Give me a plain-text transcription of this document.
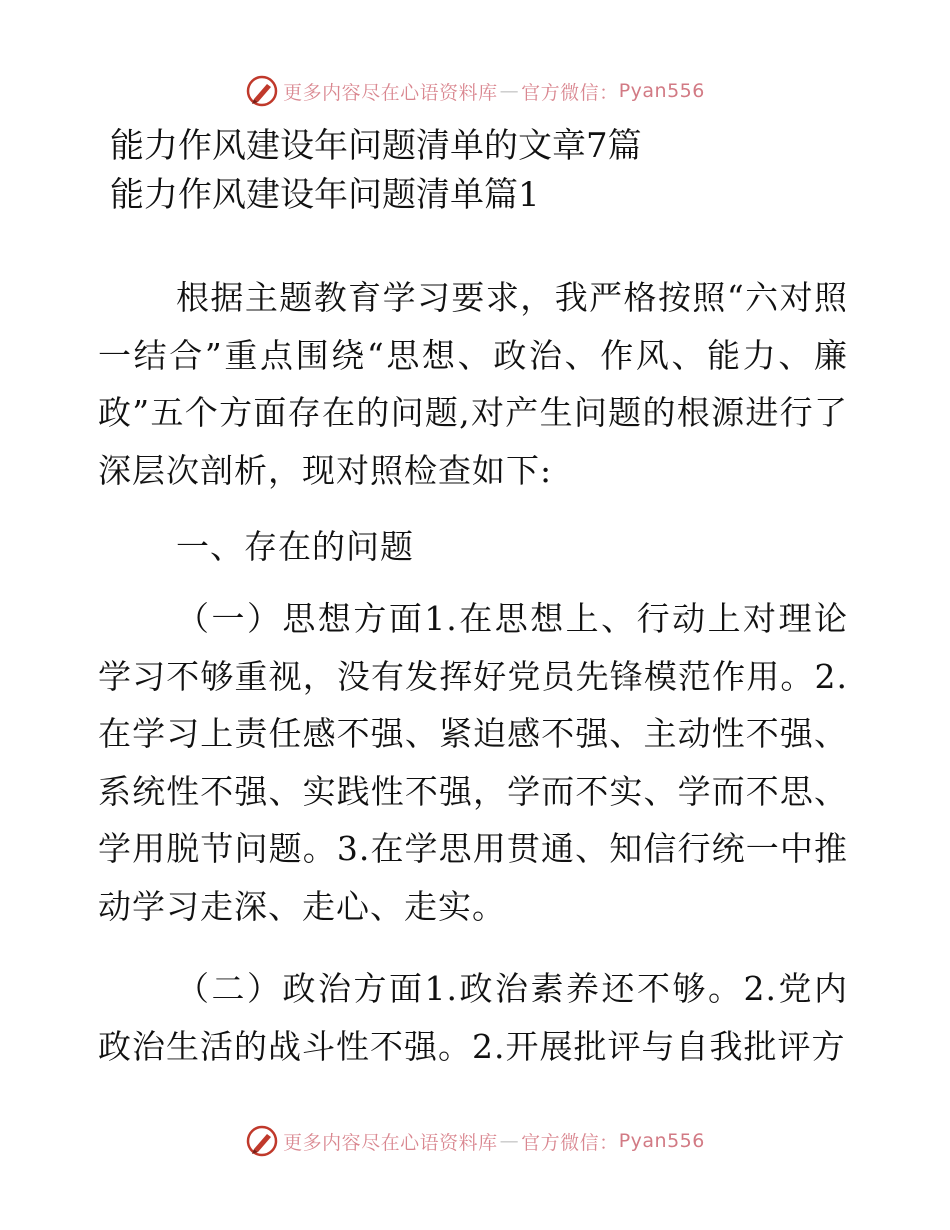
更多内容尽在心语资料库 — 官方微信： Pyan556
能力作风建设年问题清单的文章7篇
能力作风建设年问题清单篇1

根据主题教育学习要求，我严格按照“六对照一结合”重点围绕“思想、政治、作风、能力、廉政”五个方面存在的问题,对产生问题的根源进行了深层次剖析，现对照检查如下:

一、存在的问题

（一）思想方面1.在思想上、行动上对理论学习不够重视，没有发挥好党员先锋模范作用。2.在学习上责任感不强、紧迫感不强、主动性不强、系统性不强、实践性不强，学而不实、学而不思、学用脱节问题。3.在学思用贯通、知信行统一中推动学习走深、走心、走实。

（二）政治方面1.政治素养还不够。2.党内政治生活的战斗性不强。2.开展批评与自我批评方

更多内容尽在心语资料库 — 官方微信： Pyan556
